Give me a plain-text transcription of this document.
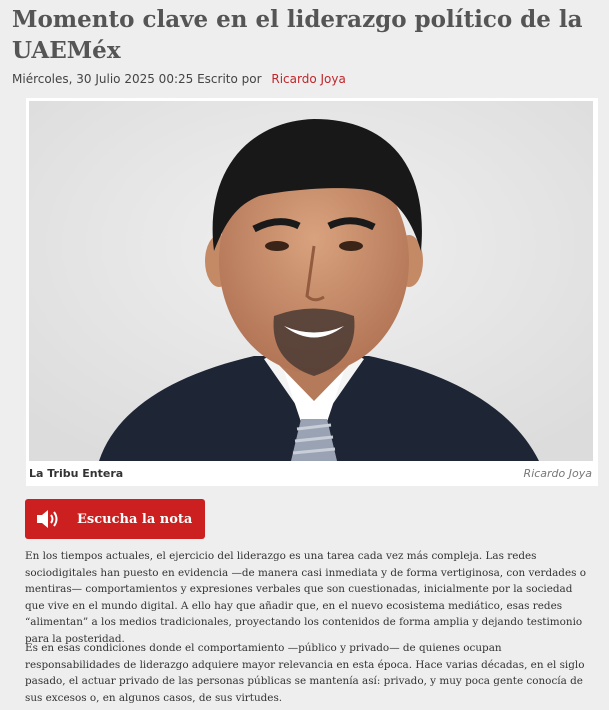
Momento clave en el liderazgo político de la UAEMéx
Miércoles, 30 Julio 2025 00:25 Escrito por Ricardo Joya
La Tribu Entera	Ricardo Joya
Escucha la nota

En los tiempos actuales, el ejercicio del liderazgo es una tarea cada vez más compleja. Las redes sociodigitales han puesto en evidencia —de manera casi inmediata y de forma vertiginosa, con verdades o mentiras— comportamientos y expresiones verbales que son cuestionadas, inicialmente por la sociedad que vive en el mundo digital. A ello hay que añadir que, en el nuevo ecosistema mediático, esas redes “alimentan” a los medios tradicionales, proyectando los contenidos de forma amplia y dejando testimonio para la posteridad.

Es en esas condiciones donde el comportamiento —público y privado— de quienes ocupan responsabilidades de liderazgo adquiere mayor relevancia en esta época. Hace varias décadas, en el siglo pasado, el actuar privado de las personas públicas se mantenía así: privado, y muy poca gente conocía de sus excesos o, en algunos casos, de sus virtudes.
